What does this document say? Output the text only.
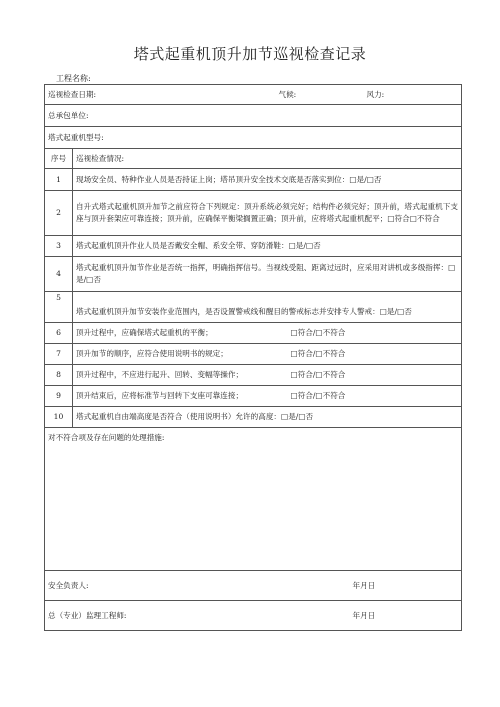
塔式起重机顶升加节巡视检查记录
工程名称:
巡视检查日期: 气候: 风力:	

总承包单位:	
塔式起重机型号:	
序号	巡视检查情况:
1	现场安全员、特种作业人员是否持证上岗；塔吊顶升安全技术交底是否落实到位：□是/□否
2	自升式塔式起重机顶升加节之前应符合下列规定：顶升系统必须完好；结构件必须完好；顶升前，塔式起重机下支座与顶升套架应可靠连接；顶升前，应确保平衡梁搁置正确；顶升前，应将塔式起重机配平；□符合□不符合
3	塔式起重机顶升作业人员是否戴安全帽、系安全带、穿防滑鞋：□是/□否
4	塔式起重机顶升加节作业是否统一指挥，明确指挥信号。当视线受阻、距离过远时，应采用对讲机或多级指挥：□是/□否
5	塔式起重机顶升加节安装作业范围内，是否设置警戒线和醒目的警戒标志并安排专人警戒：□是/□否
6	顶升过程中，应确保塔式起重机的平衡； □符合/□不符合

7	顶升加节的顺序，应符合使用说明书的规定； □符合/□不符合

8	顶升过程中，不应进行起升、回转、变幅等操作； □符合/□不符合

9	顶升结束后，应将标准节与回转下支座可靠连接； □符合/□不符合

10	塔式起重机自由端高度是否符合（使用说明书）允许的高度：□是/□否
对不符合项及存在问题的处理措施:	
安全负责人: 年月日	

总（专业）监理工程师: 年月日	
